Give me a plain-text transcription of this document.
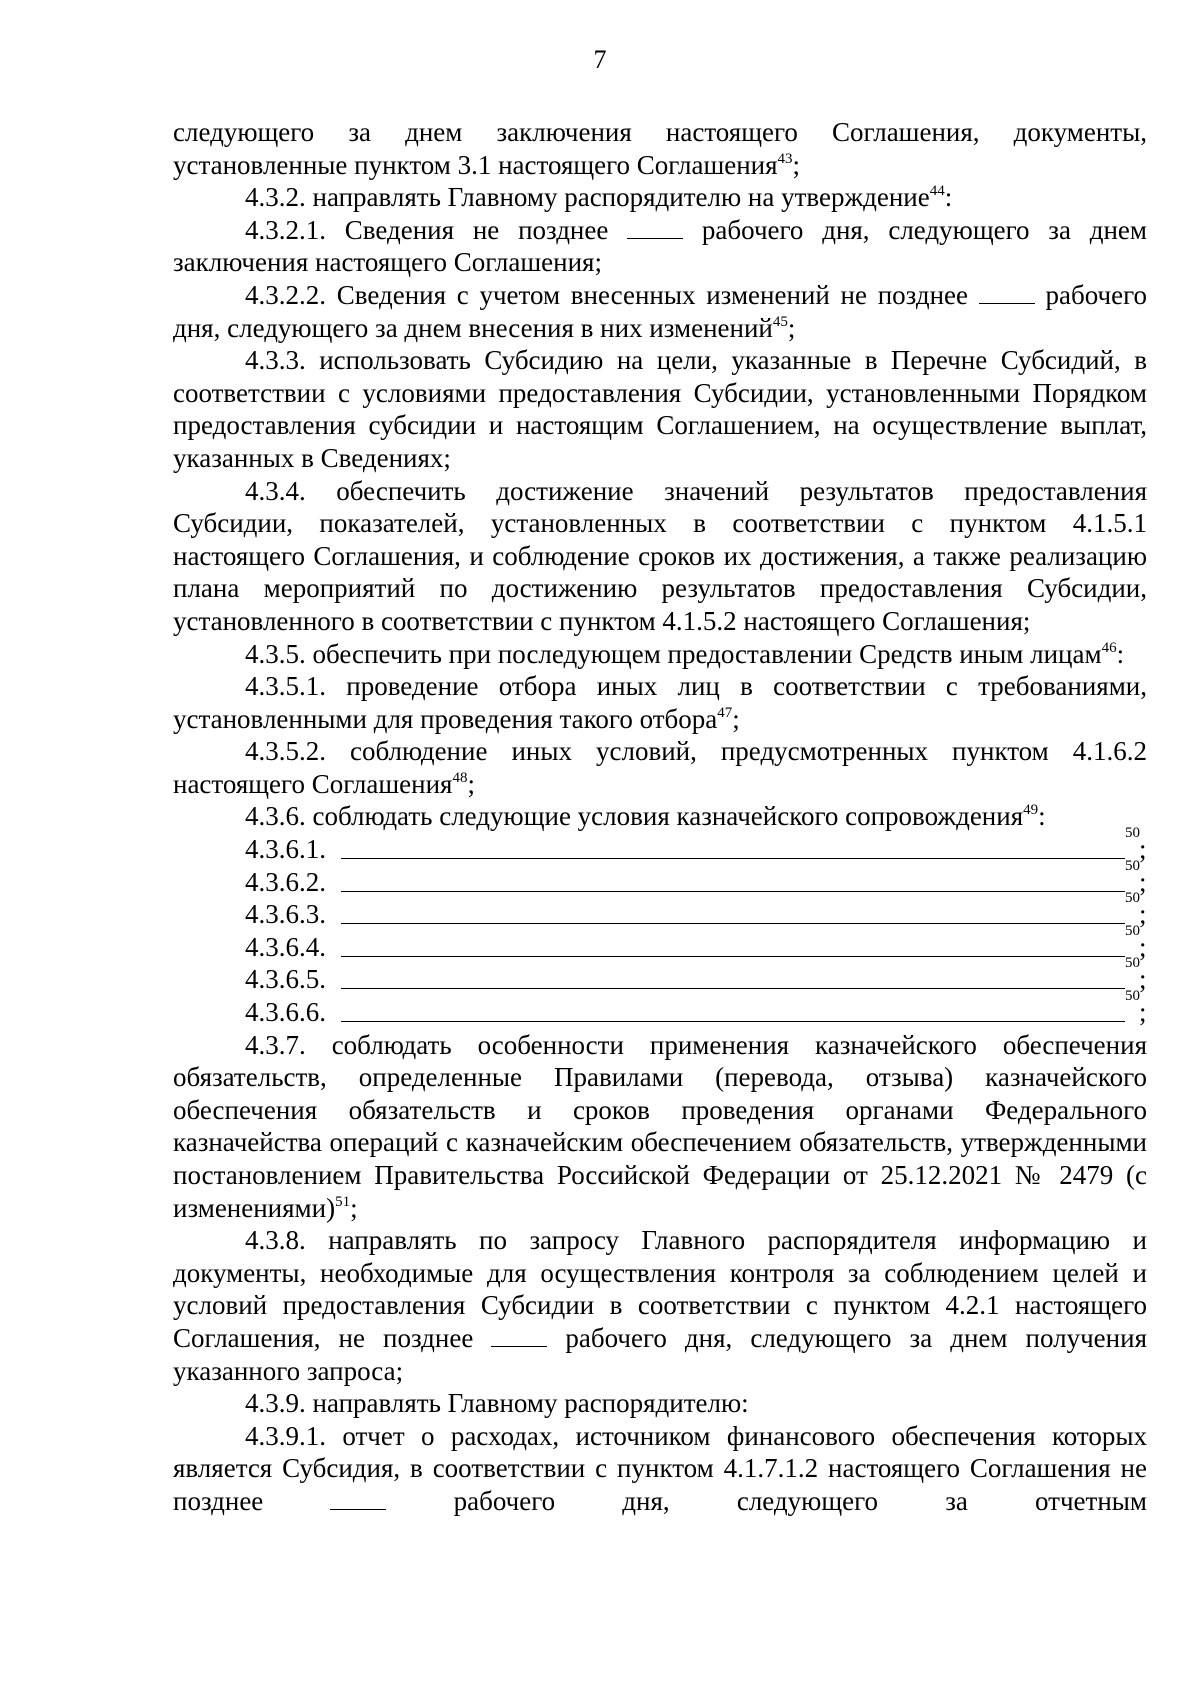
7

следующего за днем заключения настоящего Соглашения, документы, установленные пунктом 3.1 настоящего Соглашения$^{43}$;

4.3.2. направлять Главному распорядителю на утверждение$^{44}$:

4.3.2.1. Сведения не позднее  рабочего дня, следующего за днем заключения настоящего Соглашения;

4.3.2.2. Сведения с учетом внесенных изменений не позднее  рабочего дня, следующего за днем внесения в них изменений$^{45}$;

4.3.3. использовать Субсидию на цели, указанные в Перечне Субсидий, в соответствии с условиями предоставления Субсидии, установленными Порядком предоставления субсидии и настоящим Соглашением, на осуществление выплат, указанных в Сведениях;

4.3.4. обеспечить достижение значений результатов предоставления Субсидии, показателей, установленных в соответствии с пунктом 4.1.5.1 настоящего Соглашения, и соблюдение сроков их достижения, а также реализацию плана мероприятий по достижению результатов предоставления Субсидии, установленного в соответствии с пунктом 4.1.5.2 настоящего Соглашения;

4.3.5. обеспечить при последующем предоставлении Средств иным лицам$^{46}$:

4.3.5.1. проведение отбора иных лиц в соответствии с требованиями, установленными для проведения такого отбора$^{47}$;

4.3.5.2. соблюдение иных условий, предусмотренных пунктом 4.1.6.2 настоящего Соглашения$^{48}$;

4.3.6. соблюдать следующие условия казначейского сопровождения$^{49}$:

4.3.6.1.
50
;
4.3.6.2.
50
;
4.3.6.3.
50
;
4.3.6.4.
50
;
4.3.6.5.
50
;
4.3.6.6.
50
;

4.3.7. соблюдать особенности применения казначейского обеспечения обязательств, определенные Правилами (перевода, отзыва) казначейского обеспечения обязательств и сроков проведения органами Федерального казначейства операций с казначейским обеспечением обязательств, утвержденными постановлением Правительства Российской Федерации от 25.12.2021 № 2479 (с изменениями)$^{51}$;

4.3.8. направлять по запросу Главного распорядителя информацию и документы, необходимые для осуществления контроля за соблюдением целей и условий предоставления Субсидии в соответствии с пунктом 4.2.1 настоящего Соглашения, не позднее  рабочего дня, следующего за днем получения указанного запроса;

4.3.9. направлять Главному распорядителю:

4.3.9.1. отчет о расходах, источником финансового обеспечения которых является Субсидия, в соответствии с пунктом 4.1.7.1.2 настоящего Соглашения не позднее  рабочего дня, следующего за отчетным
